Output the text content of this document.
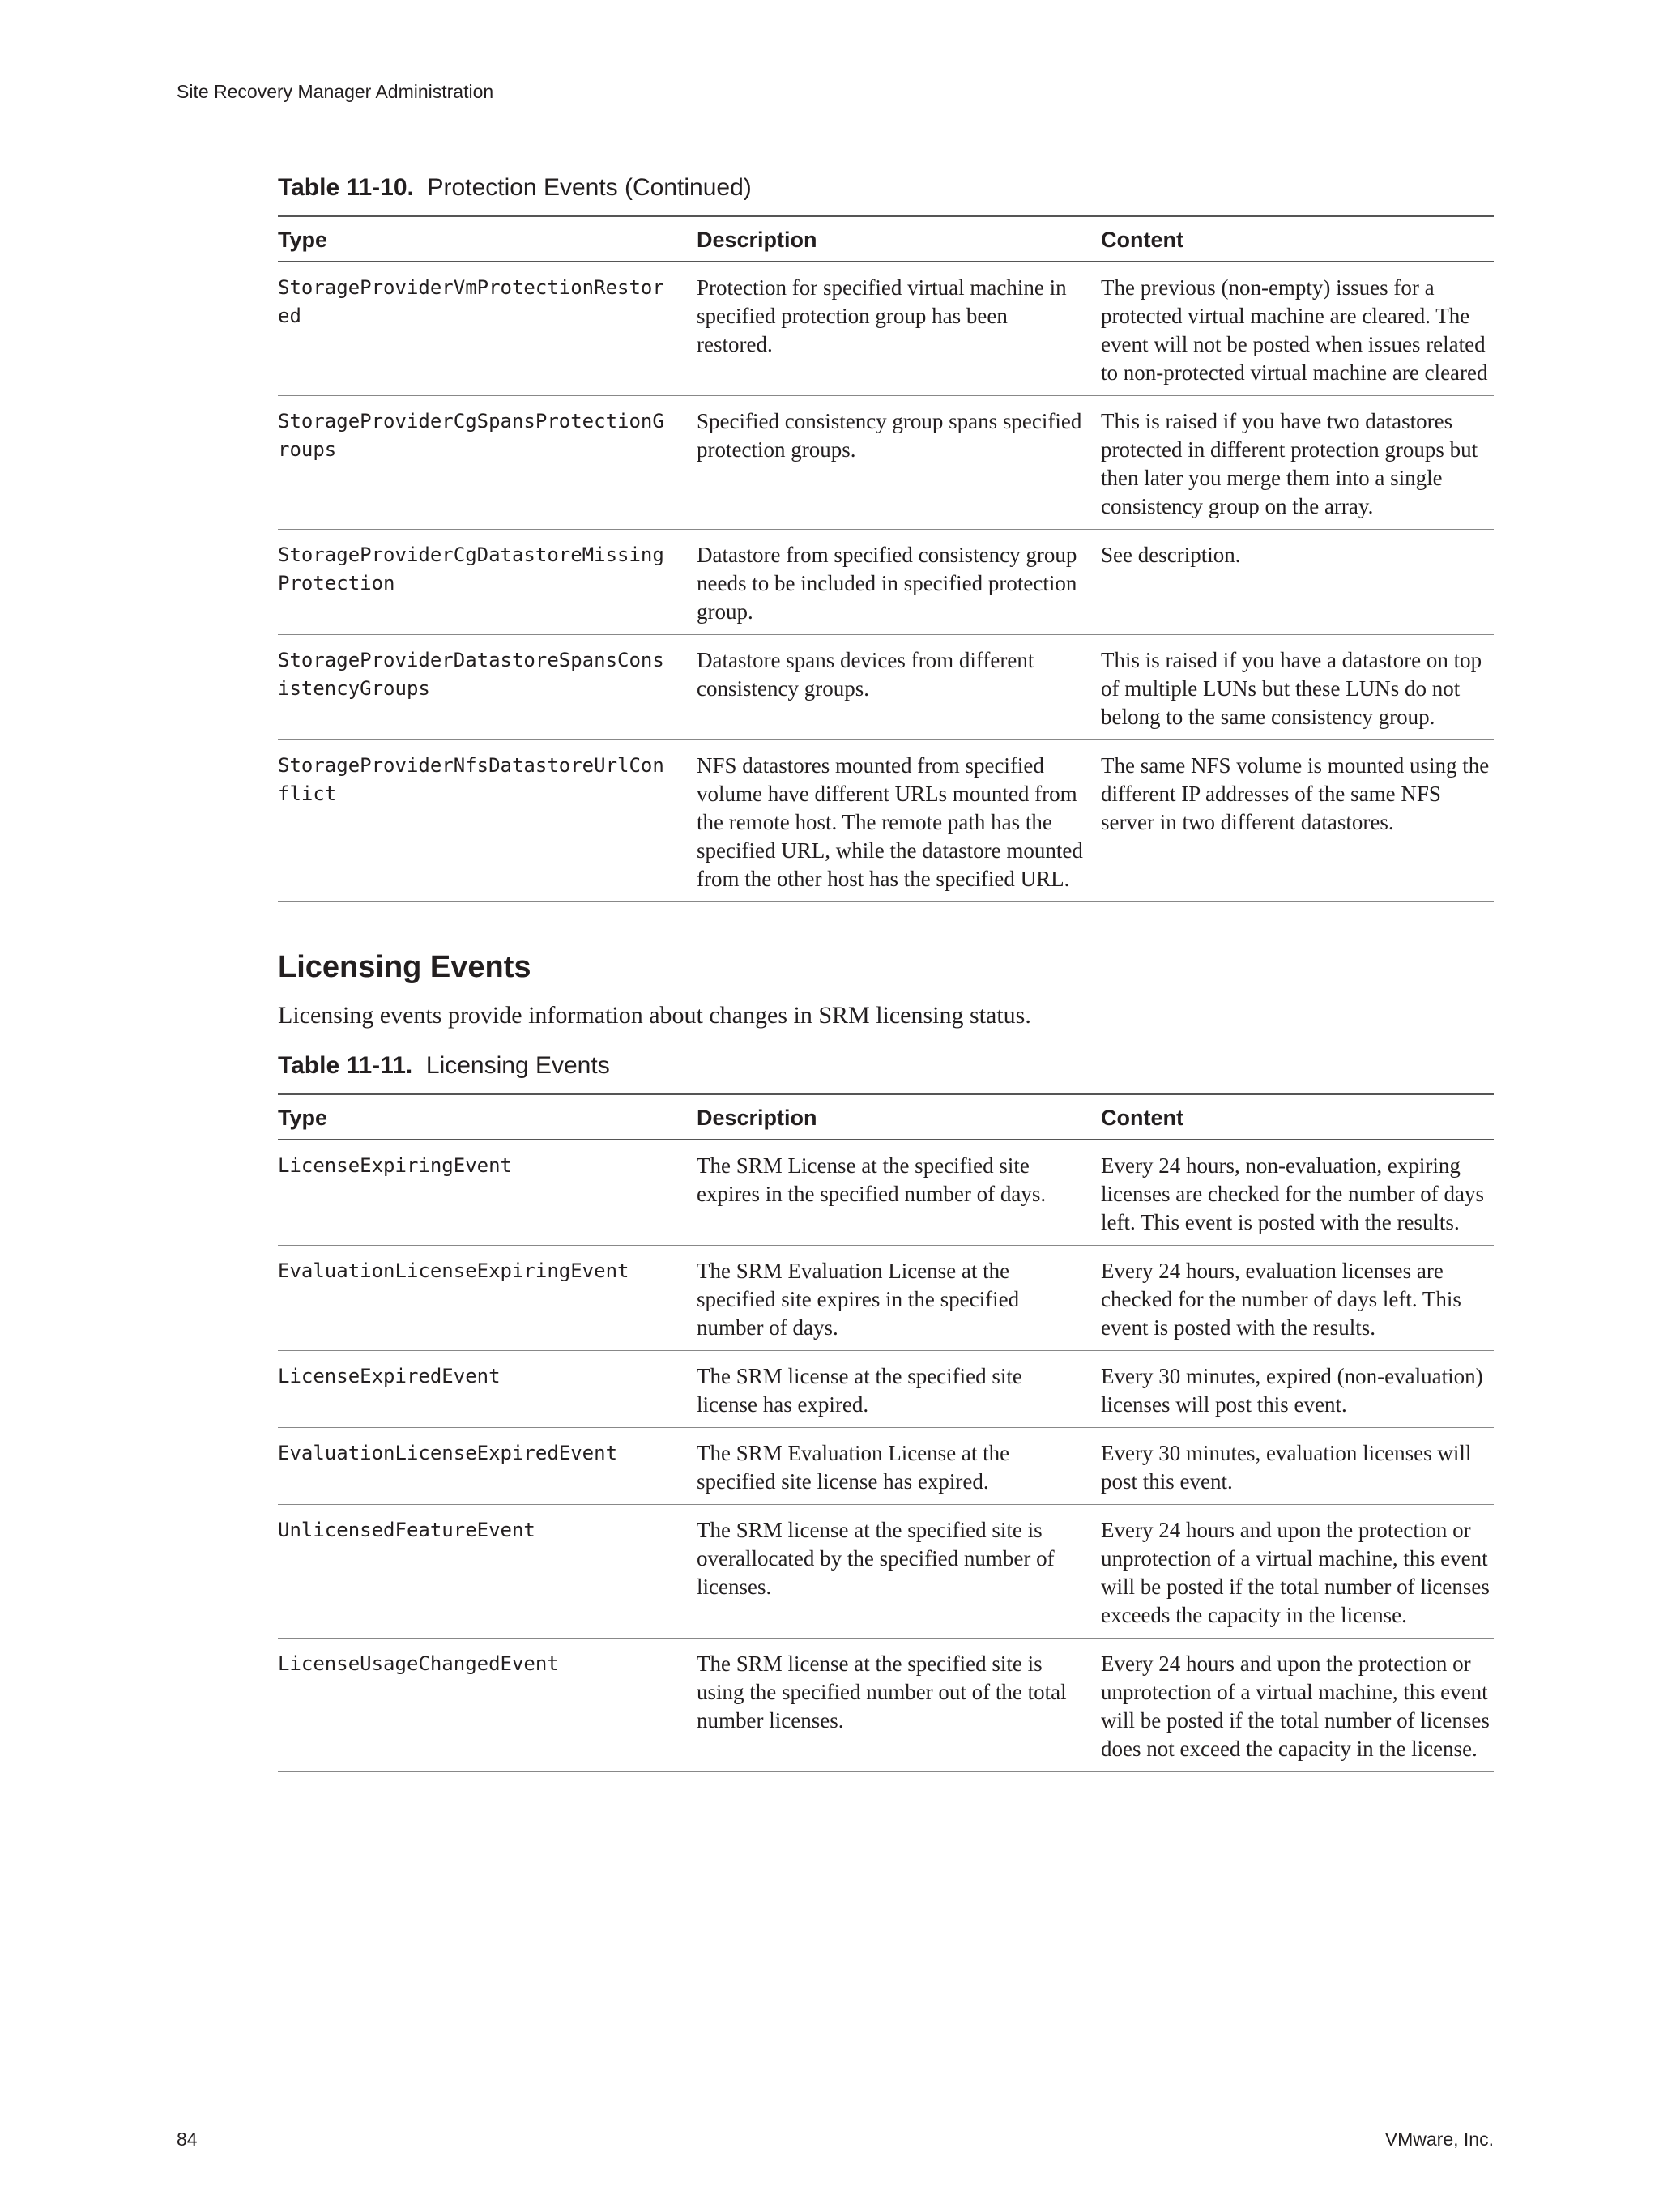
Site Recovery Manager Administration
Table 11-10. Protection Events (Continued)
Type	Description	Content
StorageProviderVmProtectionRestored	Protection for specified virtual machine in specified protection group has been restored.	The previous (non-empty) issues for a protected virtual machine are cleared. The event will not be posted when issues related to non-protected virtual machine are cleared
StorageProviderCgSpansProtectionGroups	Specified consistency group spans specified protection groups.	This is raised if you have two datastores protected in different protection groups but then later you merge them into a single consistency group on the array.
StorageProviderCgDatastoreMissingProtection	Datastore from specified consistency group needs to be included in specified protection group.	See description.
StorageProviderDatastoreSpansConsistencyGroups	Datastore spans devices from different consistency groups.	This is raised if you have a datastore on top of multiple LUNs but these LUNs do not belong to the same consistency group.
StorageProviderNfsDatastoreUrlConflict	NFS datastores mounted from specified volume have different URLs mounted from the remote host. The remote path has the specified URL, while the datastore mounted from the other host has the specified URL.	The same NFS volume is mounted using the different IP addresses of the same NFS server in two different datastores.
Licensing Events

Licensing events provide information about changes in SRM licensing status.

Table 11-11. Licensing Events
Type	Description	Content
LicenseExpiringEvent	The SRM License at the specified site expires in the specified number of days.	Every 24 hours, non-evaluation, expiring licenses are checked for the number of days left. This event is posted with the results.
EvaluationLicenseExpiringEvent	The SRM Evaluation License at the specified site expires in the specified number of days.	Every 24 hours, evaluation licenses are checked for the number of days left. This event is posted with the results.
LicenseExpiredEvent	The SRM license at the specified site license has expired.	Every 30 minutes, expired (non-evaluation) licenses will post this event.
EvaluationLicenseExpiredEvent	The SRM Evaluation License at the specified site license has expired.	Every 30 minutes, evaluation licenses will post this event.
UnlicensedFeatureEvent	The SRM license at the specified site is overallocated by the specified number of licenses.	Every 24 hours and upon the protection or unprotection of a virtual machine, this event will be posted if the total number of licenses exceeds the capacity in the license.
LicenseUsageChangedEvent	The SRM license at the specified site is using the specified number out of the total number licenses.	Every 24 hours and upon the protection or unprotection of a virtual machine, this event will be posted if the total number of licenses does not exceed the capacity in the license.
84	VMware, Inc.
